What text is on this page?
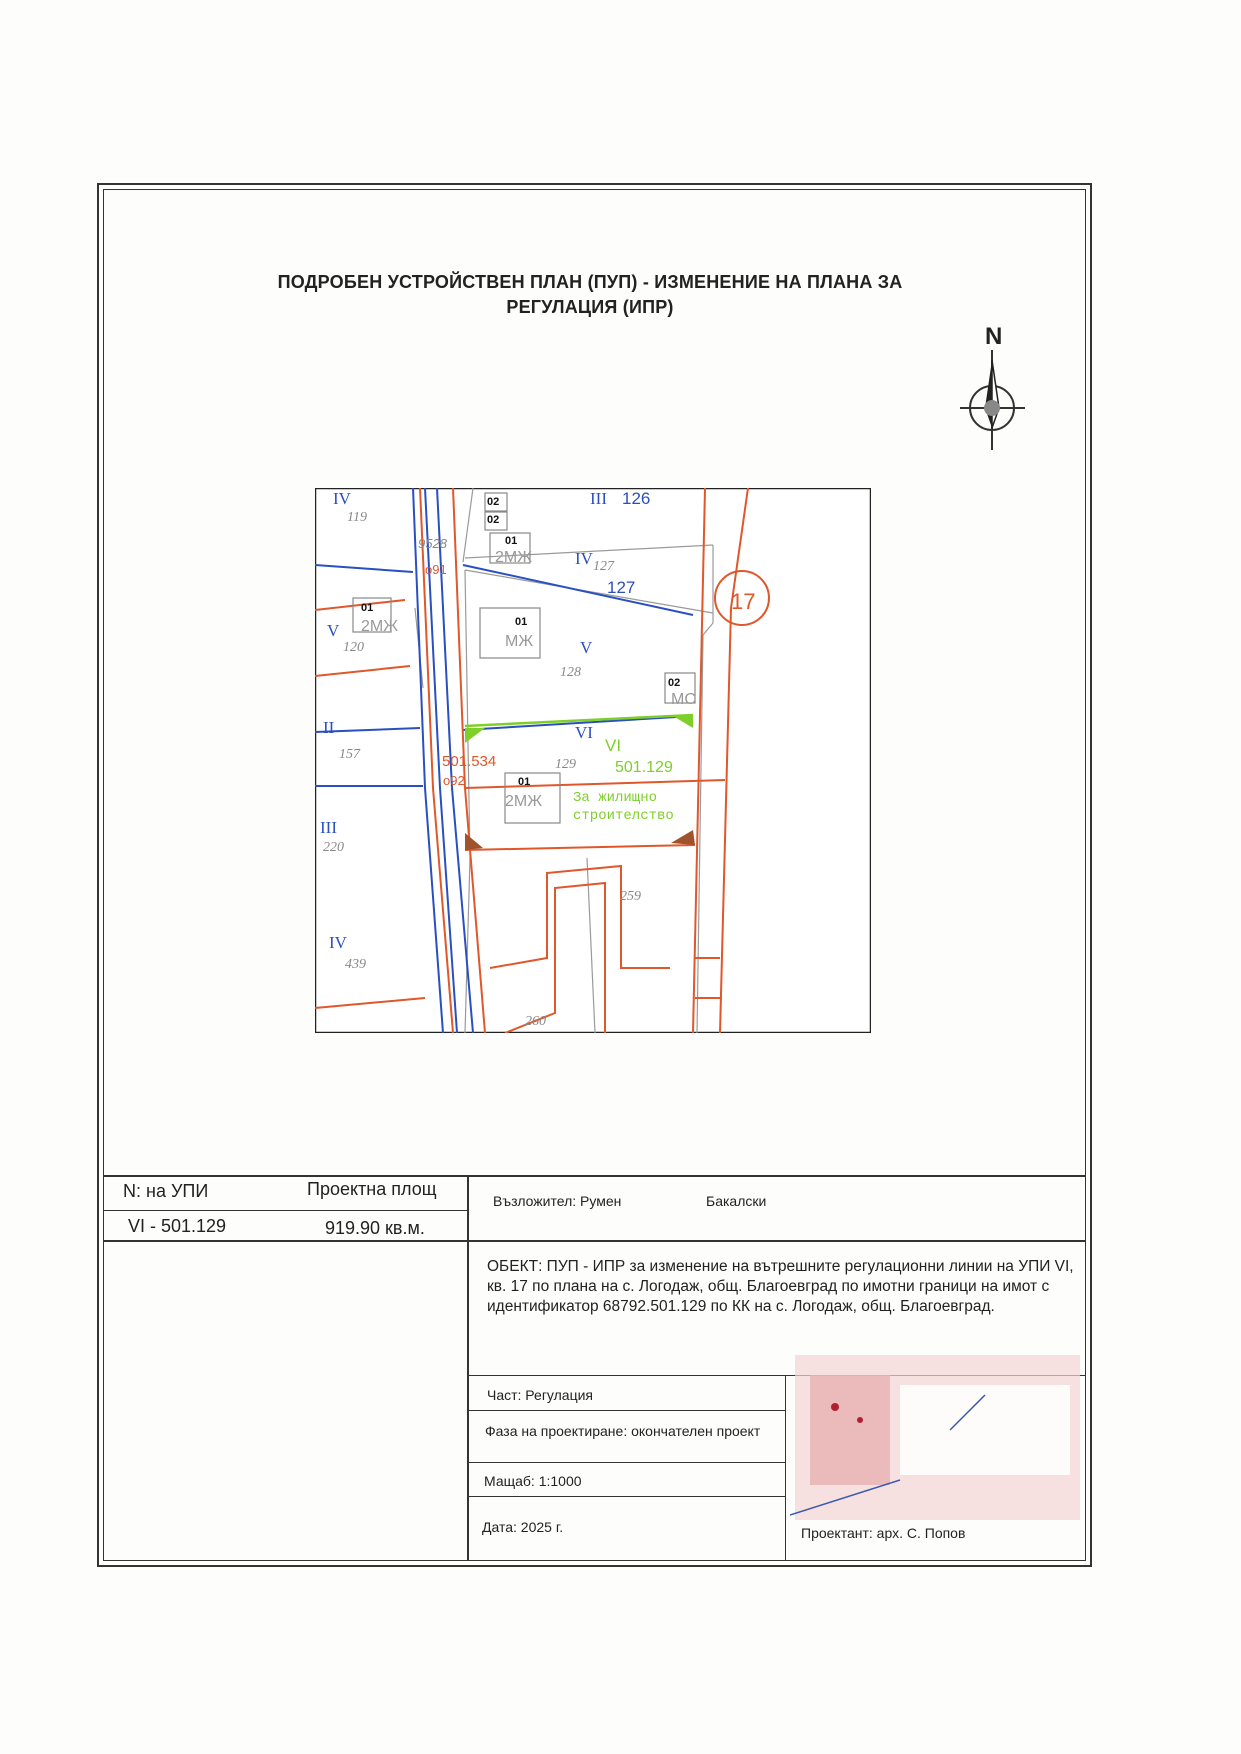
ПОДРОБЕН УСТРОЙСТВЕН ПЛАН (ПУП) - ИЗМЕНЕНИЕ НА ПЛАНА ЗА
РЕГУЛАЦИЯ (ИПР)
N
17
IV
119
V
120
II
157
III
220
IV
439
III 126
IV 127
127
V
128
VI
129
259
260
02
02
01
2МЖ
01
2МЖ	01
МЖ
02
МС
01
2МЖ
9528
о91
501.534
о92
VI
501.129
За жилищно
строителство
N: на УПИ	Проектна площ
VI - 501.129	919.90 кв.м.
Възложител: Румен	Бакалски
ОБЕКТ: ПУП - ИПР за изменение на вътрешните регулационни линии на УПИ VI, кв. 17 по плана на с. Логодаж, общ. Благоевград по имотни граници на имот с идентификатор 68792.501.129 по КК на с. Логодаж, общ. Благоевград.
Част: Регулация
Фаза на проектиране: окончателен проект
Мащаб: 1:1000
Дата: 2025 г.	Проектант: арх. С. Попов
